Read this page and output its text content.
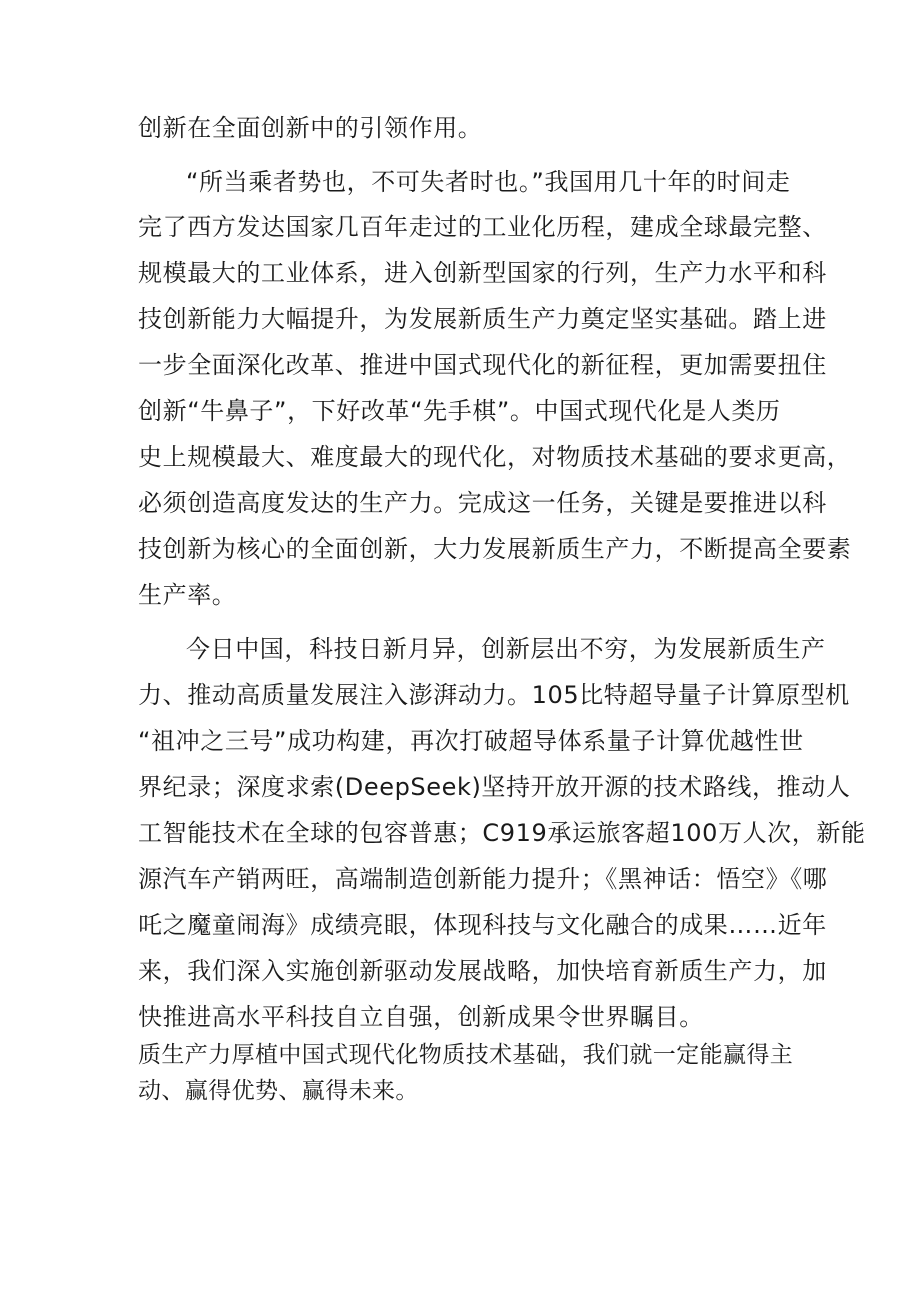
创新在全面创新中的引领作用。
“所当乘者势也，不可失者时也。”我国用几十年的时间走
完了西方发达国家几百年走过的工业化历程，建成全球最完整、
规模最大的工业体系，进入创新型国家的行列，生产力水平和科
技创新能力大幅提升，为发展新质生产力奠定坚实基础。踏上进
一步全面深化改革、推进中国式现代化的新征程，更加需要扭住
创新“牛鼻子”，下好改革“先手棋”。中国式现代化是人类历
史上规模最大、难度最大的现代化，对物质技术基础的要求更高，
必须创造高度发达的生产力。完成这一任务，关键是要推进以科
技创新为核心的全面创新，大力发展新质生产力，不断提高全要素
生产率。
今日中国，科技日新月异，创新层出不穷，为发展新质生产
力、推动高质量发展注入澎湃动力。105比特超导量子计算原型机
“祖冲之三号”成功构建，再次打破超导体系量子计算优越性世
界纪录；深度求索(DeepSeek)坚持开放开源的技术路线，推动人
工智能技术在全球的包容普惠；C919承运旅客超100万人次，新能
源汽车产销两旺，高端制造创新能力提升；《黑神话：悟空》《哪
吒之魔童闹海》成绩亮眼，体现科技与文化融合的成果……近年
来，我们深入实施创新驱动发展战略，加快培育新质生产力，加
快推进高水平科技自立自强，创新成果令世界瞩目。
质生产力厚植中国式现代化物质技术基础，我们就一定能赢得主
动、赢得优势、赢得未来。
